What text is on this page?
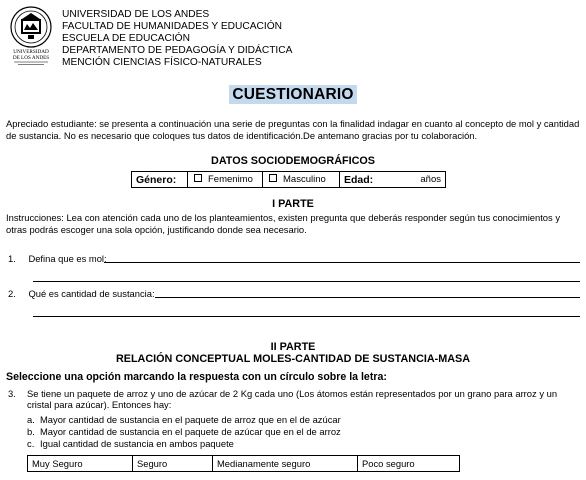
UNIVERSIDAD
DE LOS ANDES
UNIVERSIDAD DE LOS ANDES
FACULTAD DE HUMANIDADES Y EDUCACIÓN
ESCUELA DE EDUCACIÓN
DEPARTAMENTO DE PEDAGOGÍA Y DIDÁCTICA
MENCIÓN CIENCIAS FÍSICO-NATURALES
CUESTIONARIO
Apreciado estudiante: se presenta a continuación una serie de preguntas con la finalidad indagar en cuanto al concepto de mol y cantidad de sustancia. No es necesario que coloques tus datos de identificación.De antemano gracias por tu colaboración.
DATOS SOCIODEMOGRÁFICOS
Género:	Femenimo	Masculino	Edad:	años
I PARTE
Instrucciones: Lea con atención cada uno de los planteamientos, existen pregunta que deberás responder según tus conocimientos y otras podrás escoger una sola opción, justificando donde sea necesario.
1. Defina que es mol:
2. Qué es cantidad de sustancia:
II PARTE
RELACIÓN CONCEPTUAL MOLES-CANTIDAD DE SUSTANCIA-MASA
Seleccione una opción marcando la respuesta con un círculo sobre la letra:
3. Se tiene un paquete de arroz y uno de azúcar de 2 Kg cada uno (Los átomos están representados por un grano para arroz y un cristal para azúcar). Entonces hay:
a. Mayor cantidad de sustancia en el paquete de arroz que en el de azúcar
b. Mayor cantidad de sustancia en el paquete de azúcar que en el de arroz
c. Igual cantidad de sustancia en ambos paquete
Muy Seguro	Seguro	Medianamente seguro	Poco seguro
